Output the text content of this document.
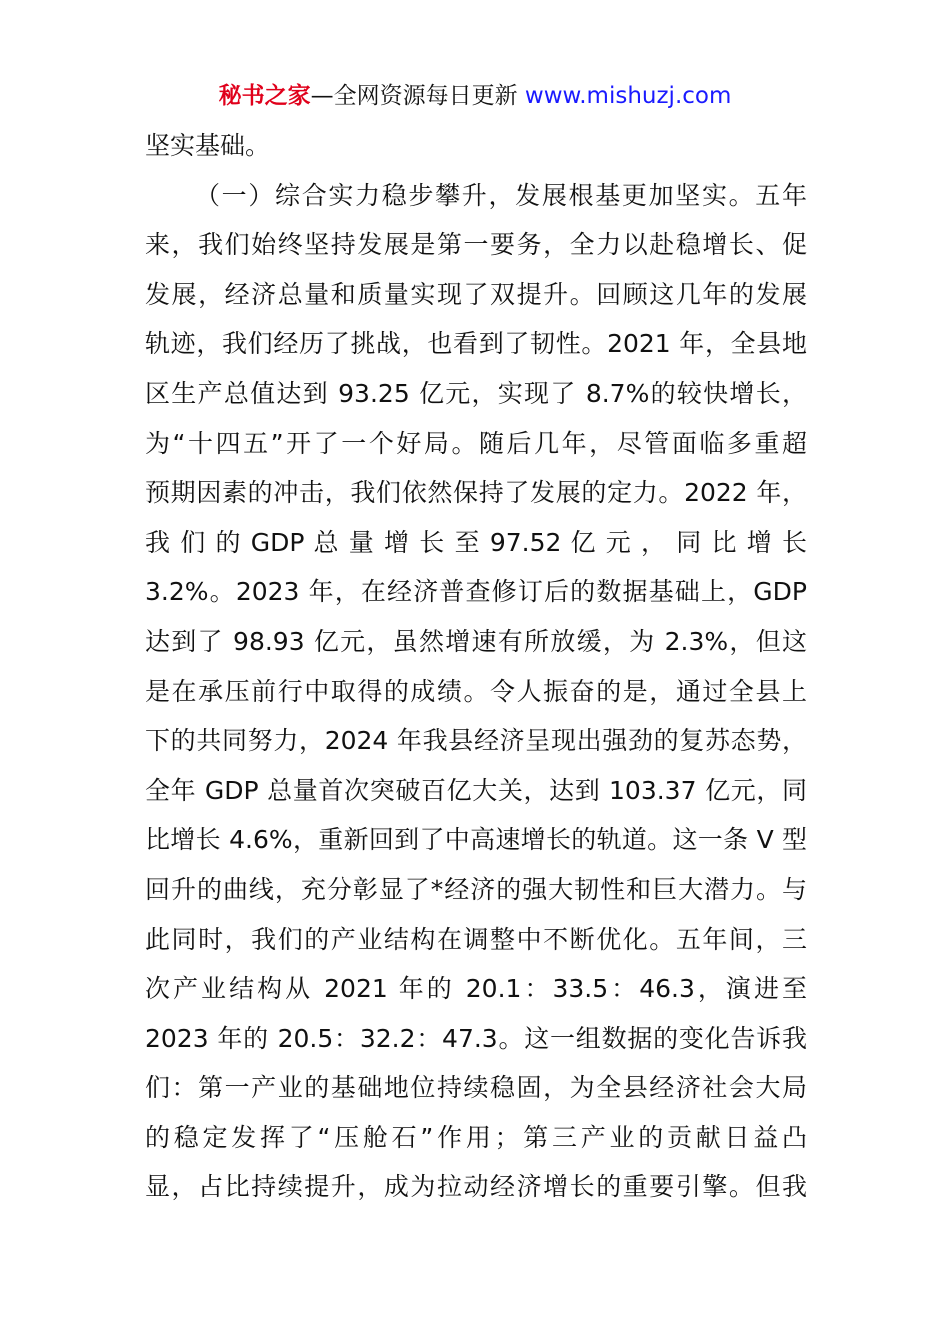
秘书之家—全网资源每日更新 www.mishuzj.com
坚实基础。
（一）综合实力稳步攀升，发展根基更加坚实。五年
来，我们始终坚持发展是第一要务，全力以赴稳增长、促
发展，经济总量和质量实现了双提升。回顾这几年的发展
轨迹，我们经历了挑战，也看到了韧性。2021 年，全县地
区生产总值达到 93.25 亿元，实现了 8.7%的较快增长，
为“十四五”开了一个好局。随后几年，尽管面临多重超
预期因素的冲击，我们依然保持了发展的定力。2022 年，
我 们 的 GDP 总 量 增 长 至 97.52 亿 元 ， 同 比 增 长
3.2%。2023 年，在经济普查修订后的数据基础上，GDP
达到了 98.93 亿元，虽然增速有所放缓，为 2.3%，但这
是在承压前行中取得的成绩。令人振奋的是，通过全县上
下的共同努力，2024 年我县经济呈现出强劲的复苏态势，
全年 GDP 总量首次突破百亿大关，达到 103.37 亿元，同
比增长 4.6%，重新回到了中高速增长的轨道。这一条 V 型
回升的曲线，充分彰显了*经济的强大韧性和巨大潜力。与
此同时，我们的产业结构在调整中不断优化。五年间，三
次产业结构从 2021 年的 20.1：33.5：46.3，演进至
2023 年的 20.5：32.2：47.3。这一组数据的变化告诉我
们：第一产业的基础地位持续稳固，为全县经济社会大局
的稳定发挥了“压舱石”作用；第三产业的贡献日益凸
显，占比持续提升，成为拉动经济增长的重要引擎。但我
